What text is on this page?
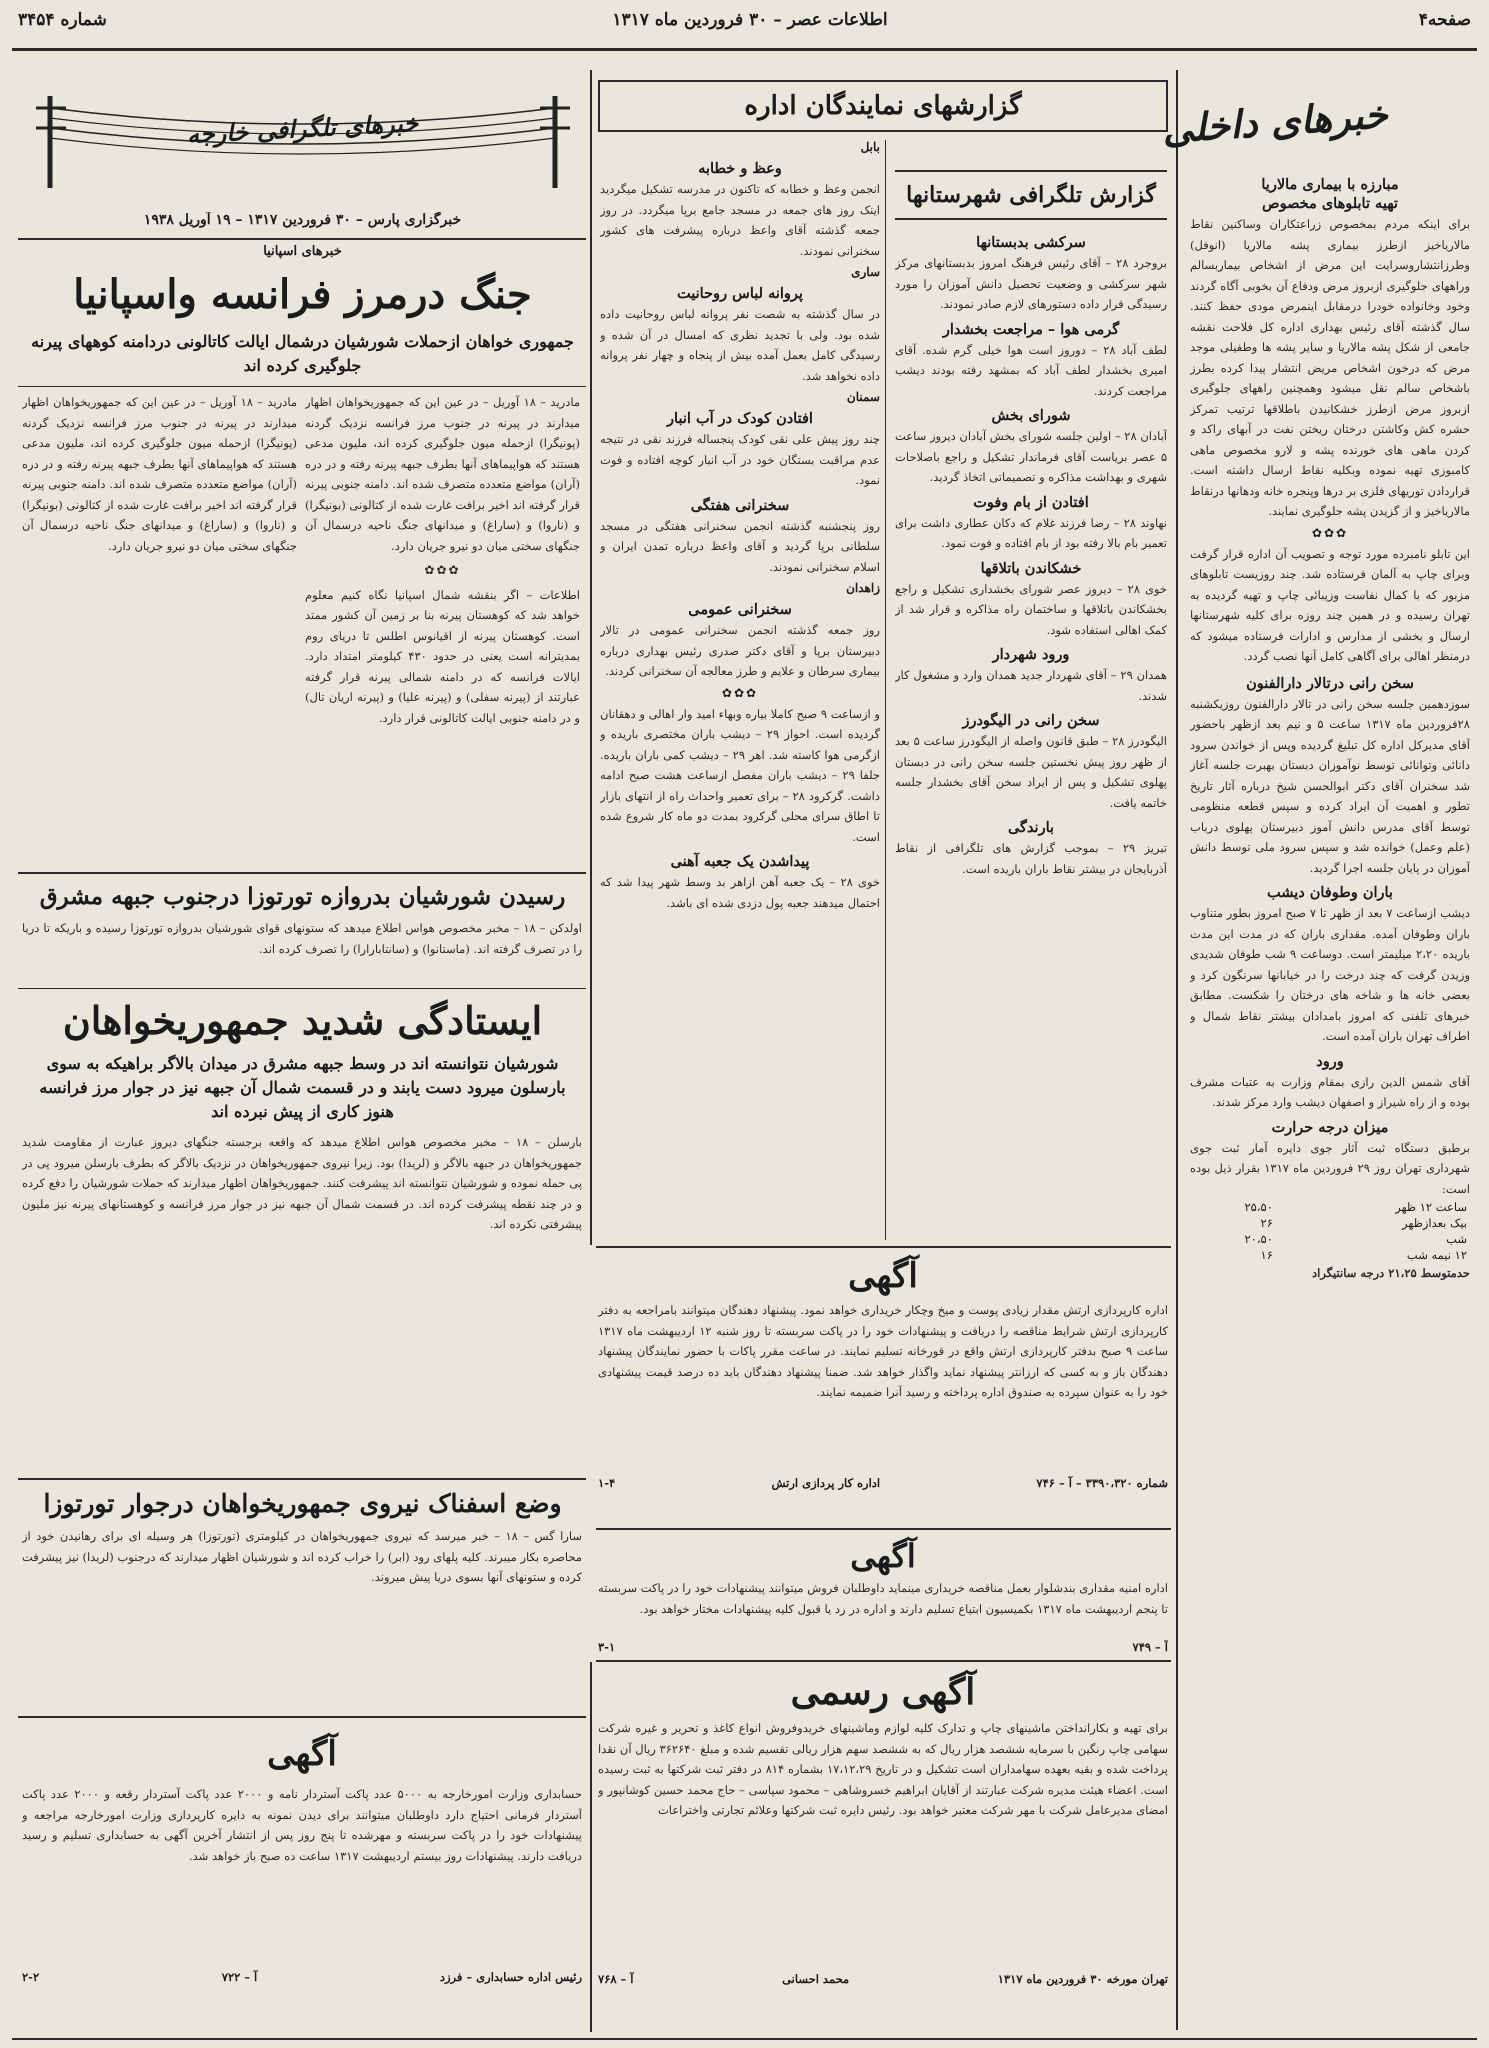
صفحه۴
اطلاعات عصر – ۳۰ فروردین ماه ۱۳۱۷
شماره ۳۴۵۴
خبرهای داخلی
مبارزه با بیماری مالاریا
تهیه تابلوهای مخصوص
برای اینکه مردم بمخصوص زراعتکاران وساکنین نقاط مالاریاخیز ازطرز بیماری پشه مالاریا (انوفل) وطرزانتشاروسرایت این مرض از اشخاص بیماربسالم وراههای جلوگیری ازبروز مرض ودفاع آن بخوبی آگاه گردند وخود وخانواده خودرا درمقابل اینمرض مودی حفظ کنند. سال گذشته آقای رئیس بهداری اداره کل فلاحت نقشه جامعی از شکل پشه مالاریا و سایر پشه ها وطفیلی موجد مرض که درخون اشخاص مریض انتشار پیدا کرده بطرز باشخاص سالم نقل میشود وهمچنین راههای جلوگیری ازبروز مرض ازطرز خشکانیدن باطلاقها ترتیب تمرکز حشره کش وکاشتن درختان ریختن نفت در آبهای راکد و کردن ماهی های خورنده پشه و لارو مخصوص ماهی کامبوزی تهیه نموده وبکلیه نقاط ارسال داشته است. قراردادن توریهای فلزی بر درها وپنجره خانه ودهانها درنقاط مالاریاخیز و از گزیدن پشه جلوگیری نمایند.
✿✿✿
این تابلو نامبرده مورد توجه و تصویب آن اداره قرار گرفت وبرای چاپ به آلمان فرستاده شد. چند روزیست تابلوهای مزبور که با کمال نفاست وزیبائی چاپ و تهیه گردیده به تهران رسیده و در همین چند روزه برای کلیه شهرستانها ارسال و بخشی از مدارس و ادارات فرستاده میشود که درمنظر اهالی برای آگاهی کامل آنها نصب گردد.
سخن رانی درتالار دارالفنون
سوزدهمین جلسه سخن رانی در تالار دارالفنون روزیکشنبه ۲۸فروردین ماه ۱۳۱۷ ساعت ۵ و نیم بعد ازظهر باحضور آقای مدیرکل اداره کل تبلیغ گردیده وپس از خواندن سرود دانائی وتوانائی توسط نوآموزان دبستان بهبرت جلسه آغاز شد سخنران آقای دکتر ابوالحسن شیخ درباره آثار تاریخ تطور و اهمیت آن ایراد کرده و سپس قطعه منظومی توسط آقای مدرس دانش آموز دبیرستان پهلوی درباب (علم وعمل) خوانده شد و سپس سرود ملی توسط دانش آموزان در پایان جلسه اجرا گردید.
باران وطوفان دیشب
دیشب ازساعت ۷ بعد از ظهر تا ۷ صبح امروز بطور متناوب باران وطوفان آمده. مقداری باران که در مدت این مدت باریده ۲،۲۰ میلیمتر است. دوساعت ۹ شب طوفان شدیدی وزیدن گرفت که چند درخت را در خیابانها سرنگون کرد و بعضی خانه ها و شاخه های درختان را شکست. مطابق خبرهای تلفنی که امروز بامدادان بیشتر نقاط شمال و اطراف تهران باران آمده است.
ورود
آقای شمس الدین رازی بمقام وزارت به عتبات مشرف بوده و از راه شیراز و اصفهان دیشب وارد مرکز شدند.
میزان درجه حرارت
برطبق دستگاه ثبت آثار جوی دایره آمار ثبت جوی شهرداری تهران روز ۲۹ فروردین ماه ۱۳۱۷ بقرار ذیل بوده است:
ساعت ۱۲ ظهر	۲۵،۵۰
بیک بعدازظهر	۲۶
شب	۲۰،۵۰
۱۲ نیمه شب	۱۶
حدمتوسط ۲۱،۲۵ درجه سانتیگراد
گزارش تلگرافی شهرستانها
سرکشی بدبستانها
بروجرد ۲۸ – آقای رئیس فرهنگ امروز بدبستانهای مرکز شهر سرکشی و وضعیت تحصیل دانش آموزان را مورد رسیدگی قرار داده دستورهای لازم صادر نمودند.
گرمی هوا – مراجعت بخشدار
لطف آباد ۲۸ – دوروز است هوا خیلی گرم شده. آقای امیری بخشدار لطف آباد که بمشهد رفته بودند دیشب مراجعت کردند.
شورای بخش
آبادان ۲۸ – اولین جلسه شورای بخش آبادان دیروز ساعت ۵ عصر بریاست آقای فرماندار تشکیل و راجع باصلاحات شهری و بهداشت مذاکره و تصمیماتی اتخاذ گردید.
افتادن از بام وفوت
نهاوند ۲۸ – رضا فرزند غلام که دکان عطاری داشت برای تعمیر بام بالا رفته بود از بام افتاده و فوت نمود.
خشکاندن باتلاقها
خوی ۲۸ – دیروز عصر شورای بخشداری تشکیل و راجع بخشکاندن باتلاقها و ساختمان راه مذاکره و قرار شد از کمک اهالی استفاده شود.
ورود شهردار
همدان ۲۹ – آقای شهردار جدید همدان وارد و مشغول کار شدند.
سخن رانی در الیگودرز
الیگودرز ۲۸ – طبق قانون واصله از الیگودرز ساعت ۵ بعد از ظهر روز پیش نخستین جلسه سخن رانی در دبستان پهلوی تشکیل و پس از ایراد سخن آقای بخشدار جلسه خاتمه یافت.
بارندگی
تبریز ۲۹ – بموجب گزارش های تلگرافی از نقاط آذربایجان در بیشتر نقاط باران باریده است.
گزارشهای نمایندگان اداره
بابل
وعظ و خطابه
انجمن وعظ و خطابه که تاکنون در مدرسه تشکیل میگردید اینک روز های جمعه در مسجد جامع برپا میگردد. در روز جمعه گذشته آقای واعظ درباره پیشرفت های کشور سخنرانی نمودند.
ساری
پروانه لباس روحانیت
در سال گذشته به شصت نفر پروانه لباس روحانیت داده شده بود. ولی با تجدید نظری که امسال در آن شده و رسیدگی کامل بعمل آمده بیش از پنجاه و چهار نفر پروانه داده نخواهد شد.
سمنان
افتادن کودک در آب انبار
چند روز پیش علی نقی کودک پنجساله فرزند نقی در نتیجه عدم مراقبت بستگان خود در آب انبار کوچه افتاده و فوت نمود.
سخنرانی هفتگی
روز پنجشنبه گذشته انجمن سخنرانی هفتگی در مسجد سلطانی برپا گردید و آقای واعظ درباره تمدن ایران و اسلام سخنرانی نمودند.
زاهدان
سخنرانی عمومی
روز جمعه گذشته انجمن سخنرانی عمومی در تالار دبیرستان برپا و آقای دکتر صدری رئیس بهداری درباره بیماری سرطان و علایم و طرز معالجه آن سخنرانی کردند.
✿✿✿
و ازساعت ۹ صبح کاملا بیاره وبهاء امید وار اهالی و دهقانان گردیده است. احواز ۲۹ – دیشب باران مختصری باریده و ازگرمی هوا کاسته شد. اهر ۲۹ – دیشب کمی باران باریده. جلفا ۲۹ – دیشب باران مفصل ازساعت هشت صبح ادامه داشت. گرکرود ۲۸ – برای تعمیر واحداث راه از انتهای بازار تا اطاق سرای محلی گرکرود بمدت دو ماه کار شروع شده است.
پیداشدن یک جعبه آهنی
خوی ۲۸ – یک جعبه آهن ازاهر بد وسط شهر پیدا شد که احتمال میدهند جعبه پول دزدی شده ای باشد.
خبرهای تلگرافی خارجه
خبرگزاری پارس – ۳۰ فروردین ۱۳۱۷ – ۱۹ آوریل ۱۹۳۸
خبرهای اسپانیا
جنگ درمرز فرانسه واسپانیا
جمهوری خواهان ازحملات شورشیان درشمال ایالت کاتالونی دردامنه کوههای پیرنه جلوگیری کرده اند
مادرید – ۱۸ آوریل – در عین این که جمهوریخواهان اظهار میدارند در پیرنه در جنوب مرز فرانسه نزدیک گردنه (پونیگرا) ازحمله میون جلوگیری کرده اند، ملیون مدعی هستند که هواپیماهای آنها بطرف جبهه پیرنه رفته و در دره (آران) مواضع متعدده متصرف شده اند. دامنه جنوبی پیرنه قرار گرفته اند اخیر برافت غارت شده از کتالونی (بونیگرا) و (ناروا) و (ساراغ) و میدانهای جنگ ناحیه درسمال آن جنگهای سختی میان دو نیرو جریان دارد.
✿✿✿
اطلاعات – اگر بنقشه شمال اسپانیا نگاه کنیم معلوم خواهد شد که کوهستان پیرنه بنا بر زمین آن کشور ممتد است. کوهستان پیرنه از اقیانوس اطلس تا دریای روم بمدیترانه است یعنی در حدود ۴۳۰ کیلومتر امتداد دارد. ایالات فرانسه که در دامنه شمالی پیرنه قرار گرفته عبارتند از (پیرنه سفلی) و (پیرنه علیا) و (پیرنه اریان تال) و در دامنه جنوبی ایالت کاتالونی قرار دارد.
مادرید – ۱۸ آوریل – در عین این که جمهوریخواهان اظهار میدارند در پیرنه در جنوب مرز فرانسه نزدیک گردنه (پونیگرا) ازحمله میون جلوگیری کرده اند، ملیون مدعی هستند که هواپیماهای آنها بطرف جبهه پیرنه رفته و در دره (آران) مواضع متعدده متصرف شده اند. دامنه جنوبی پیرنه قرار گرفته اند اخیر برافت غارت شده از کتالونی (بونیگرا) و (ناروا) و (ساراغ) و میدانهای جنگ ناحیه درسمال آن جنگهای سختی میان دو نیرو جریان دارد.
رسیدن شورشیان بدروازه تورتوزا درجنوب جبهه مشرق
اولدکن – ۱۸ – مخبر مخصوص هواس اطلاع میدهد که ستونهای قوای شورشیان بدروازه تورتوزا رسیده و باریکه تا دریا را در تصرف گرفته اند. (ماستانوا) و (سانتابارارا) را تصرف کرده اند.
ایستادگی شدید جمهوریخواهان
شورشیان نتوانسته اند در وسط جبهه مشرق در میدان بالاگر براهیکه به سوی بارسلون میرود دست یابند و در قسمت شمال آن جبهه نیز در جوار مرز فرانسه هنوز کاری از پیش نبرده اند
بارسلن – ۱۸ – مخبر مخصوص هواس اطلاع میدهد که واقعه برجسته جنگهای دیروز عبارت از مقاومت شدید جمهوریخواهان در جبهه بالاگر و (لریدا) بود. زیرا نیروی جمهوریخواهان در نزدیک بالاگر که بطرف بارسلن میرود پی در پی حمله نموده و شورشیان نتوانسته اند پیشرفت کنند. جمهوریخواهان اظهار میدارند که حملات شورشیان را دفع کرده و در چند نقطه پیشرفت کرده اند. در قسمت شمال آن جبهه نیز در جوار مرز فرانسه و کوهستانهای پیرنه نیز ملیون پیشرفتی نکرده اند.
وضع اسفناک نیروی جمهوریخواهان درجوار تورتوزا
سارا گس – ۱۸ – خبر میرسد که نیروی جمهوریخواهان در کیلومتری (تورتوزا) هر وسیله ای برای رهانیدن خود از محاصره بکار میبرند. کلیه پلهای رود (ابر) را خراب کرده اند و شورشیان اظهار میدارند که درجنوب (لریدا) نیز پیشرفت کرده و ستونهای آنها بسوی دریا پیش میروند.
آگهی
اداره کارپردازی ارتش مقدار زیادی پوست و میخ وچکار خریداری خواهد نمود. پیشنهاد دهندگان میتوانند بامراجعه به دفتر کارپردازی ارتش شرایط مناقصه را دریافت و پیشنهادات خود را در پاکت سربسته تا روز شنبه ۱۲ اردیبهشت ماه ۱۳۱۷ ساعت ۹ صبح بدفتر کارپردازی ارتش واقع در قورخانه تسلیم نمایند. در ساعت مقرر پاکات با حضور نمایندگان پیشنهاد دهندگان باز و به کسی که ارزانتر پیشنهاد نماید واگذار خواهد شد. ضمنا پیشنهاد دهندگان باید ده درصد قیمت پیشنهادی خود را به عنوان سپرده به صندوق اداره پرداخته و رسید آنرا ضمیمه نمایند.
شماره ۳۳۹۰،۳۲۰ – آ – ۷۴۶
اداره کار پردازی ارتش
۱-۴
آگهی
اداره امنیه مقداری بندشلوار بعمل مناقصه خریداری مینماید داوطلبان فروش میتوانند پیشنهادات خود را در پاکت سربسته تا پنجم اردیبهشت ماه ۱۳۱۷ بکمیسیون ابتیاع تسلیم دارند و اداره در رد یا قبول کلیه پیشنهادات مختار خواهد بود.
آ – ۷۴۹
۳-۱
آگهی رسمی
برای تهیه و بکارانداختن ماشینهای چاپ و تدارک کلیه لوازم وماشینهای خریدوفروش انواع کاغذ و تحریر و غیره شرکت سهامی چاپ رنگین با سرمایه ششصد هزار ریال که به ششصد سهم هزار ریالی تقسیم شده و مبلغ ۳۶۲۶۴۰ ریال آن نقدا پرداخت شده و بقیه بعهده سهامداران است تشکیل و در تاریخ ۱۷،۱۲،۲۹ بشماره ۸۱۴ در دفتر ثبت شرکتها به ثبت رسیده است. اعضاء هیئت مدیره شرکت عبارتند از آقایان ابراهیم خسروشاهی – محمود سپاسی – حاج محمد حسین کوشانپور و امضای مدیرعامل شرکت با مهر شرکت معتبر خواهد بود. رئیس دایره ثبت شرکتها وعلائم تجارتی واختراعات
تهران مورخه ۳۰ فروردین ماه ۱۳۱۷
محمد احسانی
آ – ۷۶۸
آگهی
حسابداری وزارت امورخارجه به ۵۰۰۰ عدد پاکت آستردار نامه و ۲۰۰۰ عدد پاکت آستردار رقعه و ۲۰۰۰ عدد پاکت آستردار فرمانی احتیاج دارد داوطلبان میتوانند برای دیدن نمونه به دایره کارپردازی وزارت امورخارجه مراجعه و پیشنهادات خود را در پاکت سربسته و مهرشده تا پنج روز پس از انتشار آخرین آگهی به حسابداری تسلیم و رسید دریافت دارند. پیشنهادات روز بیستم اردیبهشت ۱۳۱۷ ساعت ده صبح باز خواهد شد.
رئیس اداره حسابداری – فرزد
آ – ۷۲۲
۲-۲
